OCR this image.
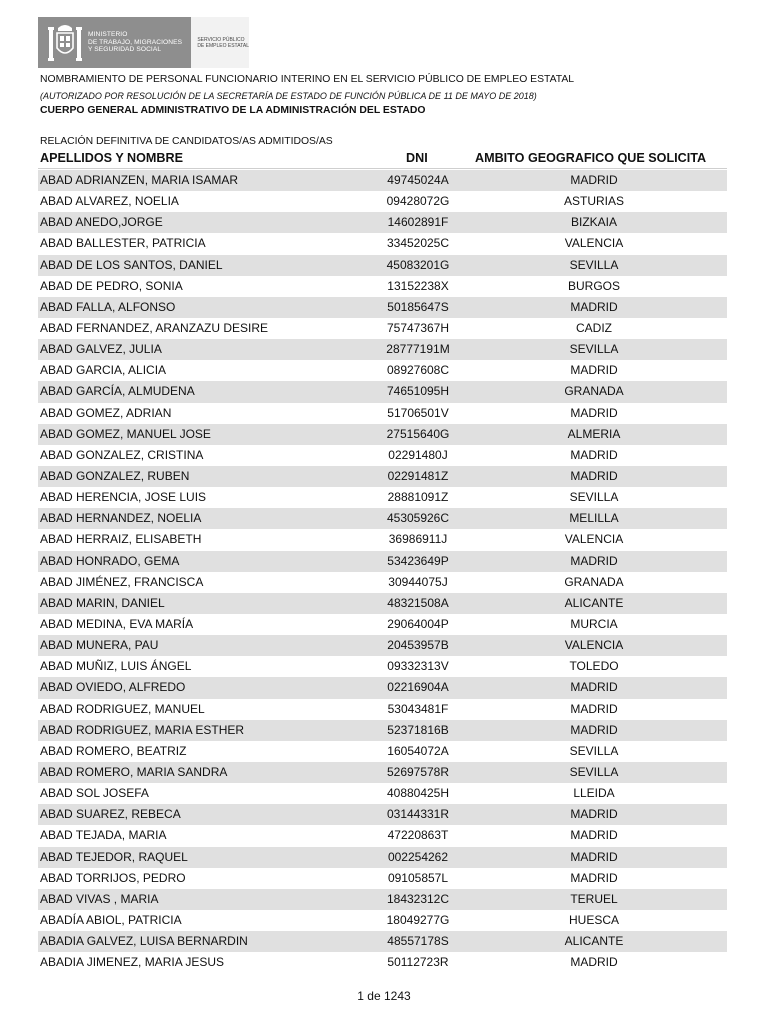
MINISTERIO
DE TRABAJO, MIGRACIONES
Y SEGURIDAD SOCIAL
SERVICIO PÚBLICO
DE EMPLEO ESTATAL
NOMBRAMIENTO DE PERSONAL FUNCIONARIO INTERINO EN EL SERVICIO PÚBLICO DE EMPLEO ESTATAL
(AUTORIZADO POR RESOLUCIÓN DE LA SECRETARÍA DE ESTADO DE FUNCIÓN PÚBLICA DE 11 DE MAYO DE 2018)
CUERPO GENERAL ADMINISTRATIVO DE LA ADMINISTRACIÓN DEL ESTADO
RELACIÓN DEFINITIVA DE CANDIDATOS/AS ADMITIDOS/AS
APELLIDOS Y NOMBRE	DNI	AMBITO GEOGRAFICO QUE SOLICITA
ABAD ADRIANZEN, MARIA ISAMAR	49745024A	MADRID
ABAD ALVAREZ, NOELIA	09428072G	ASTURIAS
ABAD ANEDO,JORGE	14602891F	BIZKAIA
ABAD BALLESTER, PATRICIA	33452025C	VALENCIA
ABAD DE LOS SANTOS, DANIEL	45083201G	SEVILLA
ABAD DE PEDRO, SONIA	13152238X	BURGOS
ABAD FALLA, ALFONSO	50185647S	MADRID
ABAD FERNANDEZ, ARANZAZU DESIRE	75747367H	CADIZ
ABAD GALVEZ, JULIA	28777191M	SEVILLA
ABAD GARCIA, ALICIA	08927608C	MADRID
ABAD GARCÍA, ALMUDENA	74651095H	GRANADA
ABAD GOMEZ, ADRIAN	51706501V	MADRID
ABAD GOMEZ, MANUEL JOSE	27515640G	ALMERIA
ABAD GONZALEZ, CRISTINA	02291480J	MADRID
ABAD GONZALEZ, RUBEN	02291481Z	MADRID
ABAD HERENCIA, JOSE LUIS	28881091Z	SEVILLA
ABAD HERNANDEZ, NOELIA	45305926C	MELILLA
ABAD HERRAIZ, ELISABETH	36986911J	VALENCIA
ABAD HONRADO, GEMA	53423649P	MADRID
ABAD JIMÉNEZ, FRANCISCA	30944075J	GRANADA
ABAD MARIN, DANIEL	48321508A	ALICANTE
ABAD MEDINA, EVA MARÍA	29064004P	MURCIA
ABAD MUNERA, PAU	20453957B	VALENCIA
ABAD MUÑIZ, LUIS ÁNGEL	09332313V	TOLEDO
ABAD OVIEDO, ALFREDO	02216904A	MADRID
ABAD RODRIGUEZ, MANUEL	53043481F	MADRID
ABAD RODRIGUEZ, MARIA ESTHER	52371816B	MADRID
ABAD ROMERO, BEATRIZ	16054072A	SEVILLA
ABAD ROMERO, MARIA SANDRA	52697578R	SEVILLA
ABAD SOL JOSEFA	40880425H	LLEIDA
ABAD SUAREZ, REBECA	03144331R	MADRID
ABAD TEJADA, MARIA	47220863T	MADRID
ABAD TEJEDOR, RAQUEL	002254262	MADRID
ABAD TORRIJOS, PEDRO	09105857L	MADRID
ABAD VIVAS , MARIA	18432312C	TERUEL
ABADÍA ABIOL, PATRICIA	18049277G	HUESCA
ABADIA GALVEZ, LUISA BERNARDIN	48557178S	ALICANTE
ABADIA JIMENEZ, MARIA JESUS	50112723R	MADRID
1 de 1243
